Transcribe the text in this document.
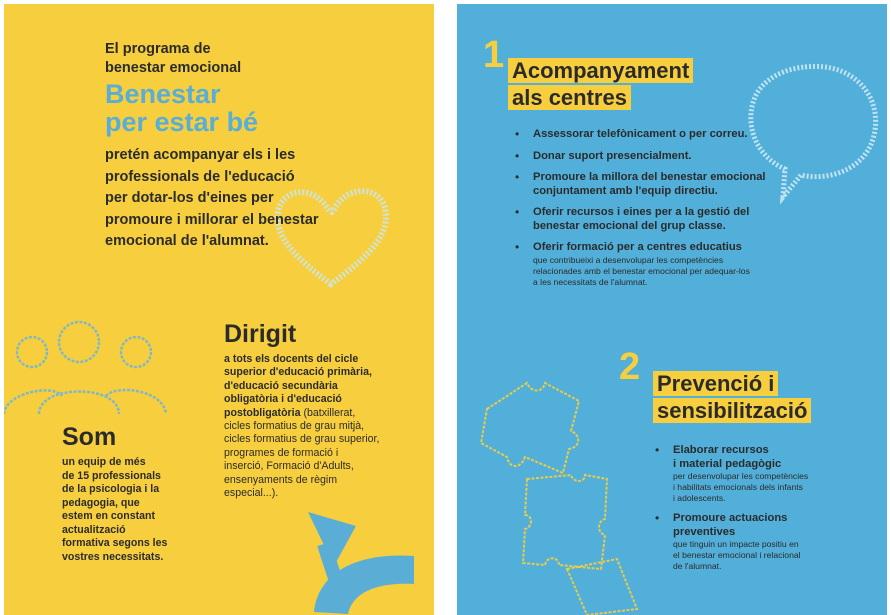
El programa de
benestar emocional
Benestar
per estar bé
pretén acompanyar els i les
professionals de l'educació
per dotar-los d'eines per
promoure i millorar el benestar
emocional de l'alumnat.
Som
un equip de més
de 15 professionals
de la psicologia i la
pedagogia, que
estem en constant
actualització
formativa segons les
vostres necessitats.
Dirigit
a tots els docents del cicle
superior d'educació primària,
d'educació secundària
obligatòria i d'educació
postobligatòria (batxillerat,
cicles formatius de grau mitjà,
cicles formatius de grau superior,
programes de formació i
inserció, Formació d'Adults,
ensenyaments de règim
especial...).
1 Acompanyament
als centres
• Assessorar telefònicament o per correu.
• Donar suport presencialment.
• Promoure la millora del benestar emocional
conjuntament amb l'equip directiu.
• Oferir recursos i eines per a la gestió del
benestar emocional del grup classe.
• Oferir formació per a centres educatius
que contribueixi a desenvolupar les competències
relacionades amb el benestar emocional per adequar-los
a les necessitats de l'alumnat.
2 Prevenció i
sensibilització
• Elaborar recursos
i material pedagògic
per desenvolupar les competències
i habilitats emocionals dels infants
i adolescents.
• Promoure actuacions
preventives
que tinguin un impacte positiu en
el benestar emocional i relacional
de l'alumnat.
